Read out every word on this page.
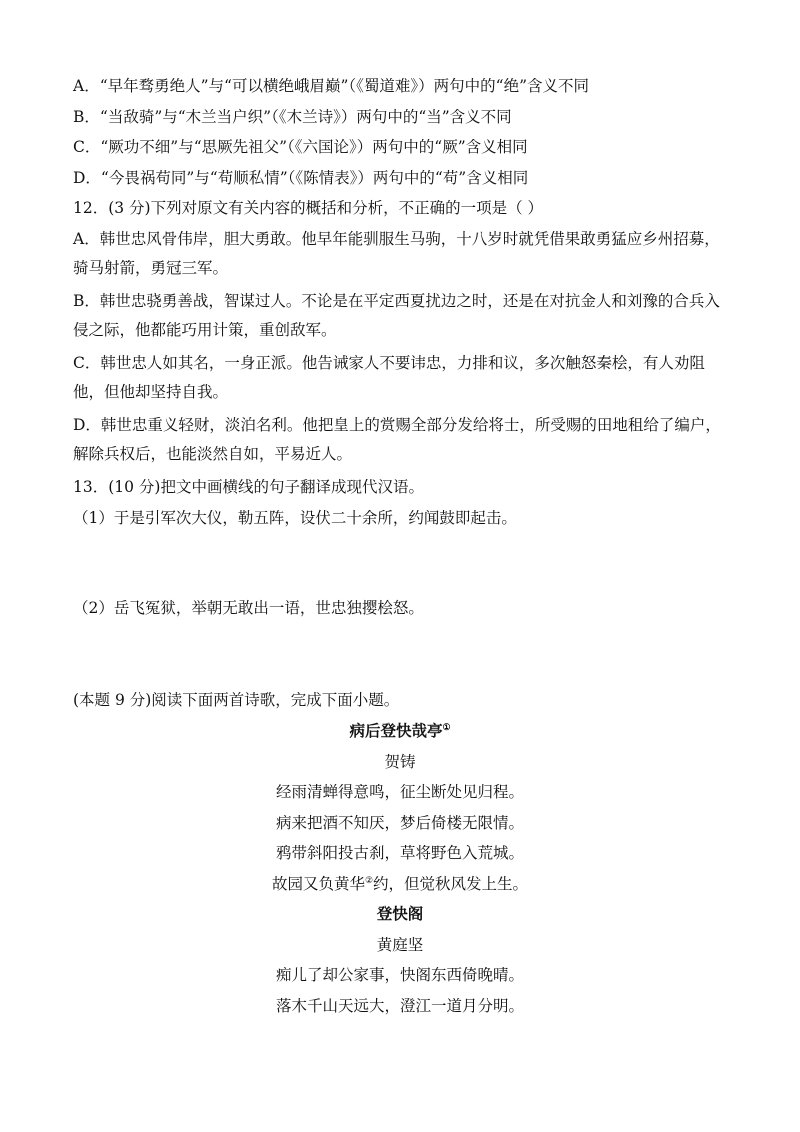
A．“早年骛勇绝人”与“可以横绝峨眉巅”（《蜀道难》）两句中的“绝”含义不同
B．“当敌骑”与“木兰当户织”（《木兰诗》）两句中的“当”含义不同
C．“厥功不细”与“思厥先祖父”（《六国论》）两句中的“厥”含义相同
D．“今畏祸苟同”与“苟顺私情”（《陈情表》）两句中的“苟”含义相同
12．(3 分)下列对原文有关内容的概括和分析，不正确的一项是（ ）
A．韩世忠风骨伟岸，胆大勇敢。他早年能驯服生马驹，十八岁时就凭借果敢勇猛应乡州招募，骑马射箭，勇冠三军。
B．韩世忠骁勇善战，智谋过人。不论是在平定西夏扰边之时，还是在对抗金人和刘豫的合兵入侵之际，他都能巧用计策，重创敌军。
C．韩世忠人如其名，一身正派。他告诫家人不要讳忠，力排和议，多次触怒秦桧，有人劝阻他，但他却坚持自我。
D．韩世忠重义轻财，淡泊名利。他把皇上的赏赐全部分发给将士，所受赐的田地租给了编户，解除兵权后，也能淡然自如，平易近人。
13．(10 分)把文中画横线的句子翻译成现代汉语。
（1）于是引军次大仪，勒五阵，设伏二十余所，约闻鼓即起击。
（2）岳飞冤狱，举朝无敢出一语，世忠独撄桧怒。
(本题 9 分)阅读下面两首诗歌，完成下面小题。
病后登快哉亭①
贺铸
经雨清蝉得意鸣，征尘断处见归程。
病来把酒不知厌，梦后倚楼无限情。
鸦带斜阳投古刹，草将野色入荒城。
故园又负黄华②约，但觉秋风发上生。
登快阁
黄庭坚
痴儿了却公家事，快阁东西倚晚晴。
落木千山天远大，澄江一道月分明。
